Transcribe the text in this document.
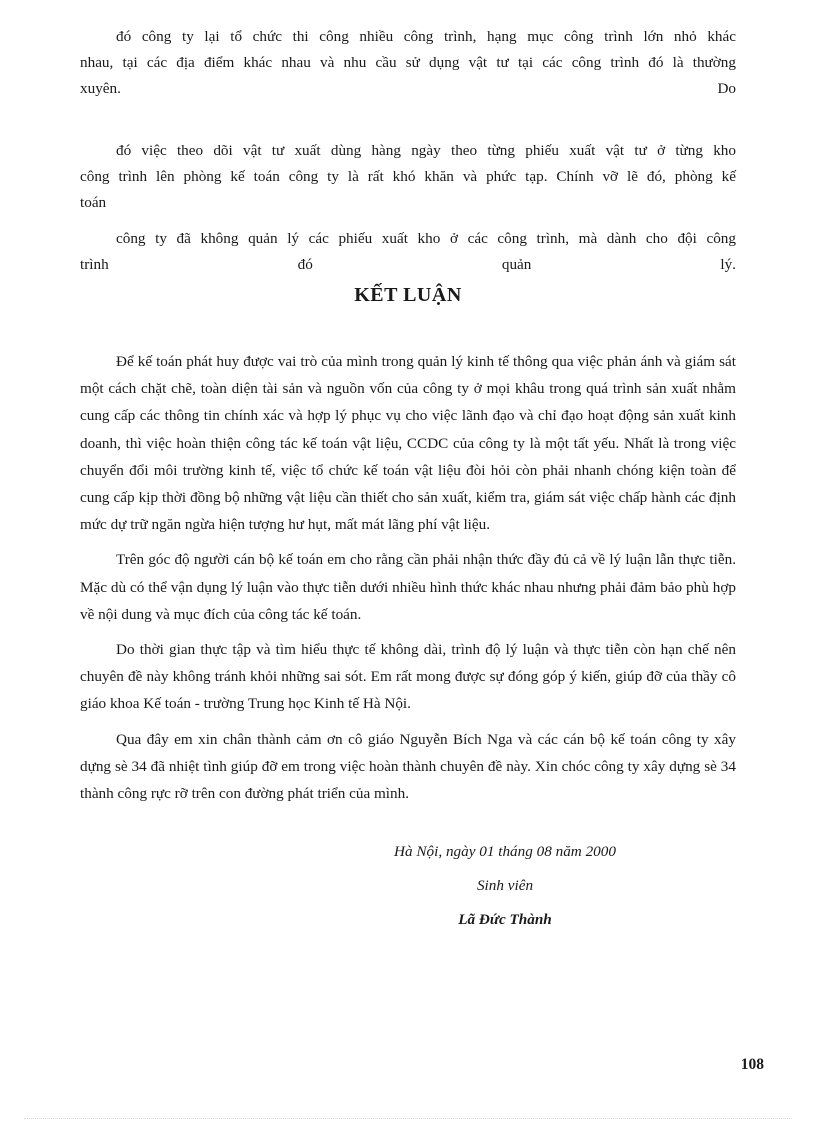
đó công ty lại tổ chức thi công nhiều công trình, hạng mục công trình lớn nhỏ khác
nhau, tại các địa điểm khác nhau và nhu cầu sử dụng vật tư tại các công trình đó là thường
xuyên.	Do
đó việc theo dõi vật tư xuất dùng hàng ngày theo từng phiếu xuất vật tư ở từng kho
công trình lên phòng kế toán công ty là rất khó khăn và phức tạp. Chính vỡ lẽ đó, phòng kế
toán
công ty đã không quản lý các phiếu xuất kho ở các công trình, mà dành cho đội công
trình	đó	quản	lý.
KẾT LUẬN

Để kế toán phát huy được vai trò của mình trong quản lý kinh tế thông qua việc phản ánh và giám sát một cách chặt chẽ, toàn diện tài sản và nguồn vốn của công ty ở mọi khâu trong quá trình sản xuất nhằm cung cấp các thông tin chính xác và hợp lý phục vụ cho việc lãnh đạo và chỉ đạo hoạt động sản xuất kinh doanh, thì việc hoàn thiện công tác kế toán vật liệu, CCDC của công ty là một tất yếu. Nhất là trong việc chuyển đổi môi trường kinh tế, việc tổ chức kế toán vật liệu đòi hỏi còn phải nhanh chóng kiện toàn để cung cấp kịp thời đồng bộ những vật liệu cần thiết cho sản xuất, kiểm tra, giám sát việc chấp hành các định mức dự trữ ngăn ngừa hiện tượng hư hụt, mất mát lãng phí vật liệu.

Trên góc độ người cán bộ kế toán em cho rằng cần phải nhận thức đầy đủ cả về lý luận lẫn thực tiễn. Mặc dù có thể vận dụng lý luận vào thực tiễn dưới nhiều hình thức khác nhau nhưng phải đảm bảo phù hợp về nội dung và mục đích của công tác kế toán.

Do thời gian thực tập và tìm hiểu thực tế không dài, trình độ lý luận và thực tiễn còn hạn chế nên chuyên đề này không tránh khỏi những sai sót. Em rất mong được sự đóng góp ý kiến, giúp đỡ của thầy cô giáo khoa Kế toán - trường Trung học Kinh tế Hà Nội.

Qua đây em xin chân thành cảm ơn cô giáo Nguyễn Bích Nga và các cán bộ kế toán công ty xây dựng sè 34 đã nhiệt tình giúp đỡ em trong việc hoàn thành chuyên đề này. Xin chóc công ty xây dựng sè 34 thành công rực rỡ trên con đường phát triển của mình.

Hà Nội, ngày 01 tháng 08 năm 2000
Sinh viên
Lã Đức Thành
108
